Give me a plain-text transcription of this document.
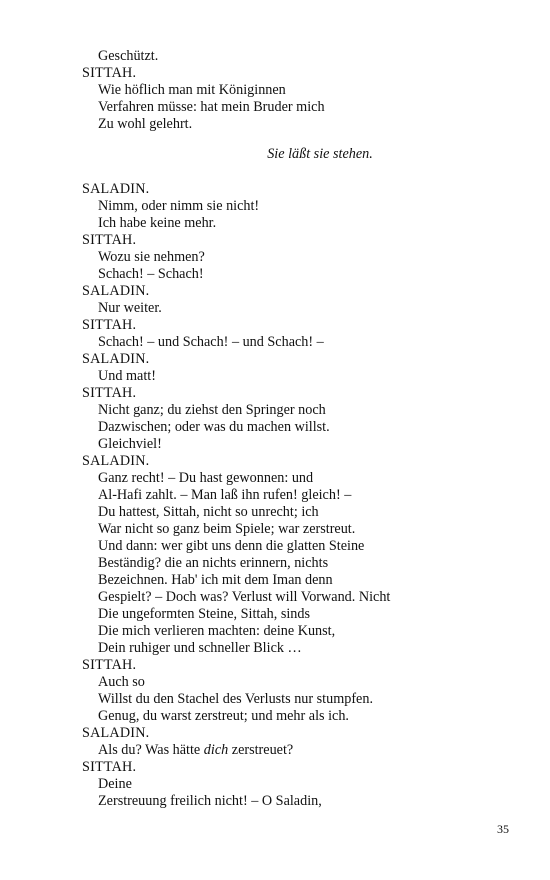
Geschützt.
SITTAH.
Wie höflich man mit Königinnen
Verfahren müsse: hat mein Bruder mich
Zu wohl gelehrt.
Sie läßt sie stehen.
SALADIN.
Nimm, oder nimm sie nicht!
Ich habe keine mehr.
SITTAH.
Wozu sie nehmen?
Schach! – Schach!
SALADIN.
Nur weiter.
SITTAH.
Schach! – und Schach! – und Schach! –
SALADIN.
Und matt!
SITTAH.
Nicht ganz; du ziehst den Springer noch
Dazwischen; oder was du machen willst.
Gleichviel!
SALADIN.
Ganz recht! – Du hast gewonnen: und
Al-Hafi zahlt. – Man laß ihn rufen! gleich! –
Du hattest, Sittah, nicht so unrecht; ich
War nicht so ganz beim Spiele; war zerstreut.
Und dann: wer gibt uns denn die glatten Steine
Beständig? die an nichts erinnern, nichts
Bezeichnen. Hab' ich mit dem Iman denn
Gespielt? – Doch was? Verlust will Vorwand. Nicht
Die ungeformten Steine, Sittah, sinds
Die mich verlieren machten: deine Kunst,
Dein ruhiger und schneller Blick …
SITTAH.
Auch so
Willst du den Stachel des Verlusts nur stumpfen.
Genug, du warst zerstreut; und mehr als ich.
SALADIN.
Als du? Was hätte dich zerstreuet?
SITTAH.
Deine
Zerstreuung freilich nicht! – O Saladin,
35
